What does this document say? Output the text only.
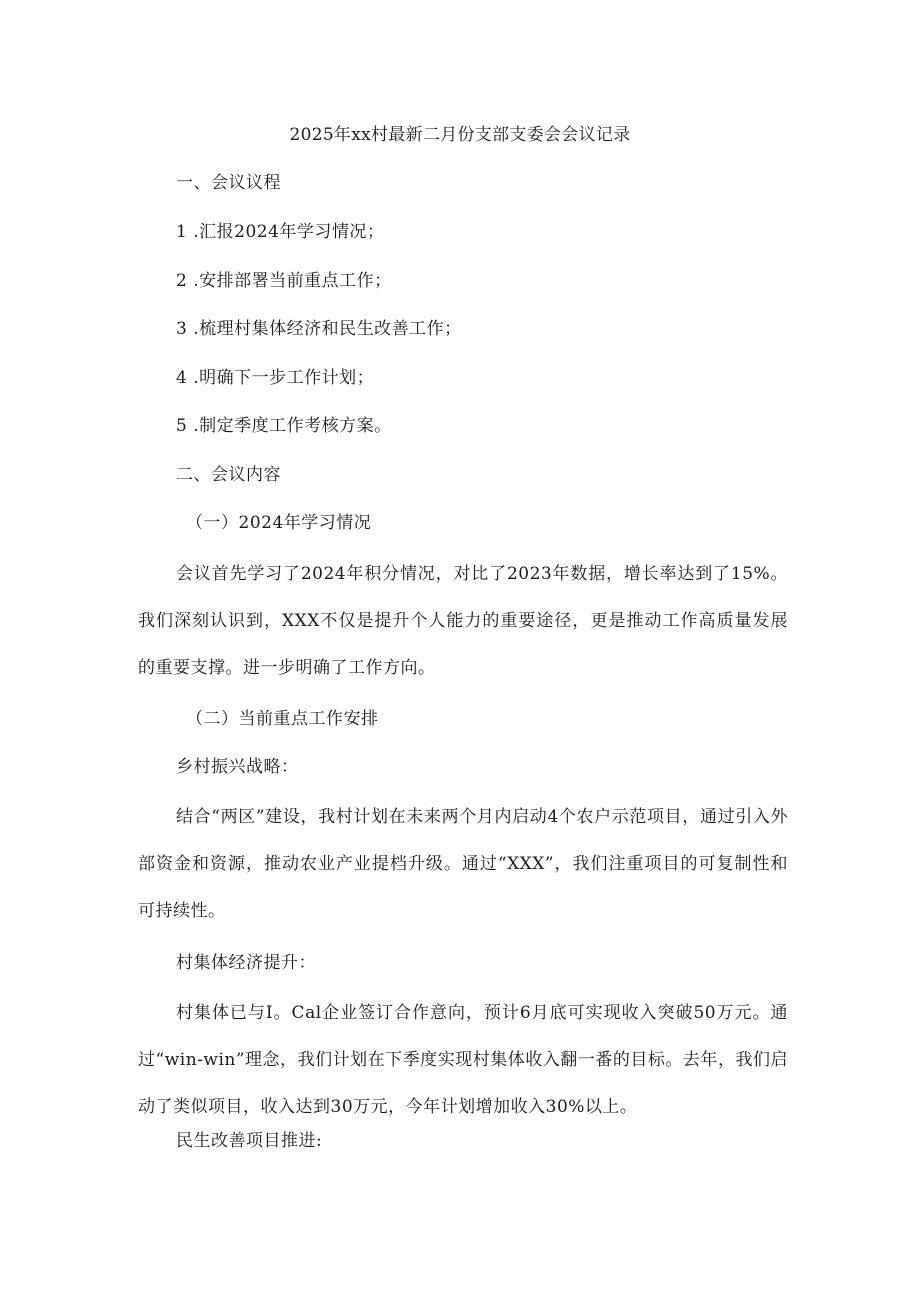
2025年xx村最新二月份支部支委会会议记录
一、会议议程
1 .汇报2024年学习情况；
2 .安排部署当前重点工作；
3 .梳理村集体经济和民生改善工作；
4 .明确下一步工作计划；
5 .制定季度工作考核方案。
二、会议内容
（一）2024年学习情况

会议首先学习了2024年积分情况，对比了2023年数据，增长率达到了15%。我们深刻认识到，XXX不仅是提升个人能力的重要途径，更是推动工作高质量发展的重要支撑。进一步明确了工作方向。

（二）当前重点工作安排
乡村振兴战略：

结合“两区”建设，我村计划在未来两个月内启动4个农户示范项目，通过引入外部资金和资源，推动农业产业提档升级。通过“XXX”，我们注重项目的可复制性和可持续性。

村集体经济提升：

村集体已与I。Cal企业签订合作意向，预计6月底可实现收入突破50万元。通过“win-win”理念，我们计划在下季度实现村集体收入翻一番的目标。去年，我们启动了类似项目，收入达到30万元，今年计划增加收入30%以上。

民生改善项目推进:
